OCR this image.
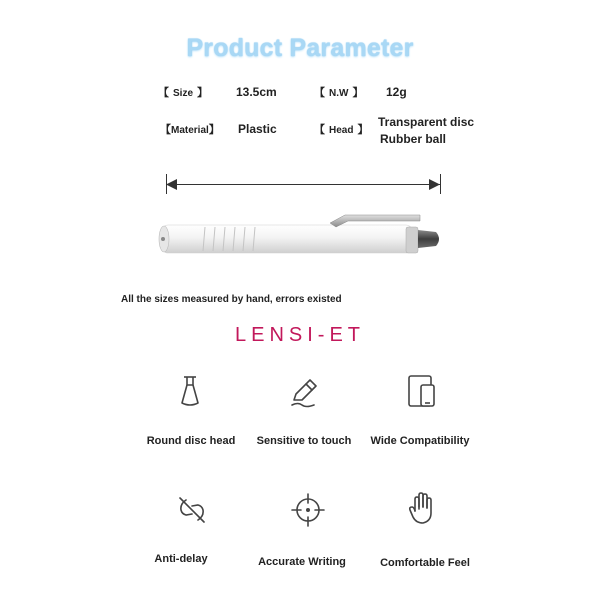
Product Parameter
【 Size 】 13.5cm	【 N.W 】 12g
【Material】 Plastic	【 Head 】
Transparent disc
Rubber ball
All the sizes measured by hand, errors existed
LENSI-ET
Round disc head	Sensitive to touch	Wide Compatibility
Anti-delay	Accurate Writing	Comfortable Feel
